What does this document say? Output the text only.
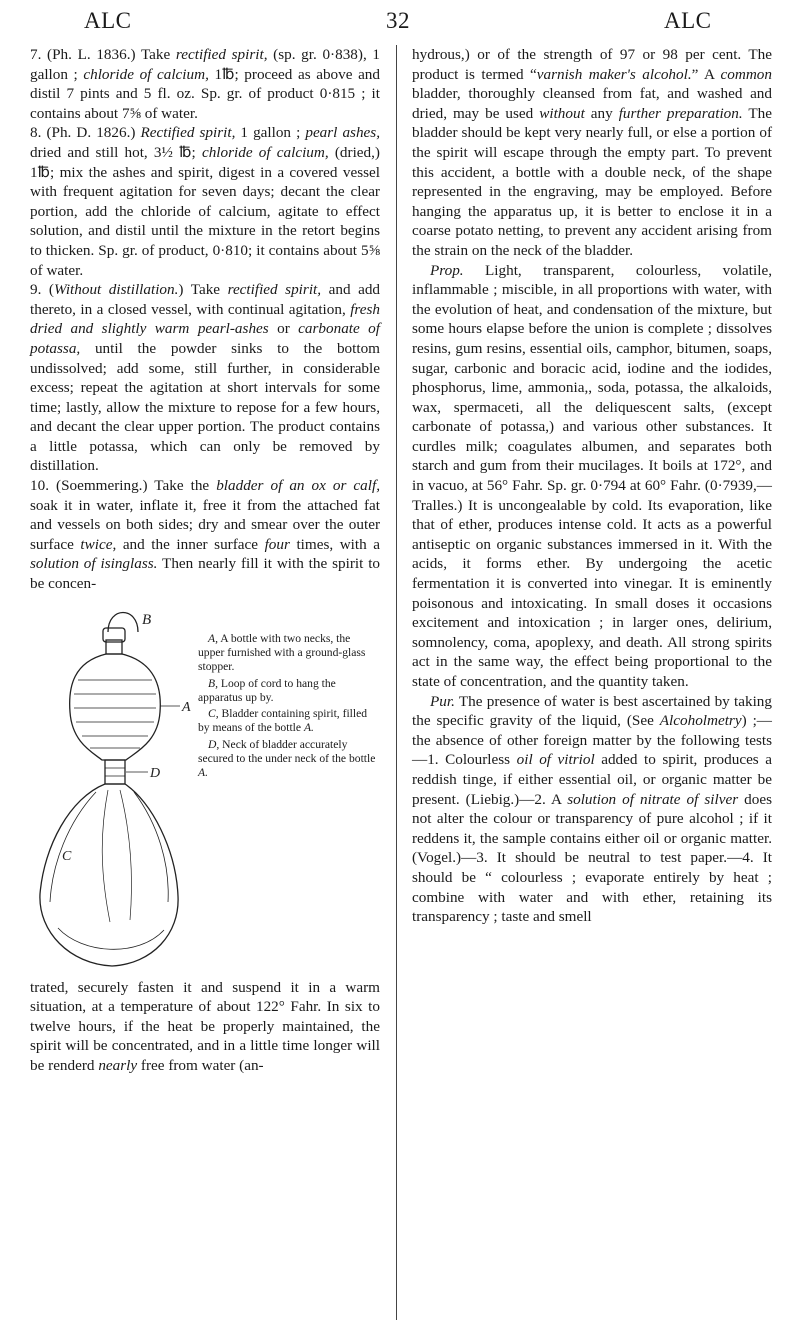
ALC	32	ALC

7. (Ph. L. 1836.) Take rectified spirit, (sp. gr. 0·838), 1 gallon ; chloride of calcium, 1℔; proceed as above and distil 7 pints and 5 fl. oz. Sp. gr. of product 0·815 ; it contains about 7⅝ of water.

8. (Ph. D. 1826.) Rectified spirit, 1 gallon ; pearl ashes, dried and still hot, 3½ ℔; chloride of calcium, (dried,) 1℔; mix the ashes and spirit, digest in a covered vessel with frequent agitation for seven days; decant the clear portion, add the chloride of calcium, agitate to effect solution, and distil until the mixture in the retort begins to thicken. Sp. gr. of product, 0·810; it contains about 5⅝ of water.

9. (Without distillation.) Take rectified spirit, and add thereto, in a closed vessel, with continual agitation, fresh dried and slightly warm pearl-ashes or carbonate of potassa, until the powder sinks to the bottom undissolved; add some, still further, in considerable excess; repeat the agitation at short intervals for some time; lastly, allow the mixture to repose for a few hours, and decant the clear upper portion. The product contains a little potassa, which can only be removed by distillation.

10. (Soemmering.) Take the bladder of an ox or calf, soak it in water, inflate it, free it from the attached fat and vessels on both sides; dry and smear over the outer surface twice, and the inner surface four times, with a solution of isinglass. Then nearly fill it with the spirit to be concen-

B
A
D
C

A, A bottle with two necks, the upper furnished with a ground-glass stopper.

B, Loop of cord to hang the apparatus up by.

C, Bladder containing spirit, filled by means of the bottle A.

D, Neck of bladder accurately secured to the under neck of the bottle A.

trated, securely fasten it and suspend it in a warm situation, at a temperature of about 122° Fahr. In six to twelve hours, if the heat be properly maintained, the spirit will be concentrated, and in a little time longer will be renderd nearly free from water (an-

hydrous,) or of the strength of 97 or 98 per cent. The product is termed “varnish maker's alcohol.” A common bladder, thoroughly cleansed from fat, and washed and dried, may be used without any further preparation. The bladder should be kept very nearly full, or else a portion of the spirit will escape through the empty part. To prevent this accident, a bottle with a double neck, of the shape represented in the engraving, may be employed. Before hanging the apparatus up, it is better to enclose it in a coarse potato netting, to prevent any accident arising from the strain on the neck of the bladder.

Prop. Light, transparent, colourless, volatile, inflammable ; miscible, in all proportions with water, with the evolution of heat, and condensation of the mixture, but some hours elapse before the union is complete ; dissolves resins, gum resins, essential oils, camphor, bitumen, soaps, sugar, carbonic and boracic acid, iodine and the iodides, phosphorus, lime, ammonia,, soda, potassa, the alkaloids, wax, spermaceti, all the deliquescent salts, (except carbonate of potassa,) and various other substances. It curdles milk; coagulates albumen, and separates both starch and gum from their mucilages. It boils at 172°, and in vacuo, at 56° Fahr. Sp. gr. 0·794 at 60° Fahr. (0·7939,—Tralles.) It is uncongealable by cold. Its evaporation, like that of ether, produces intense cold. It acts as a powerful antiseptic on organic substances immersed in it. With the acids, it forms ether. By undergoing the acetic fermentation it is converted into vinegar. It is eminently poisonous and intoxicating. In small doses it occasions excitement and intoxication ; in larger ones, delirium, somnolency, coma, apoplexy, and death. All strong spirits act in the same way, the effect being proportional to the state of concentration, and the quantity taken.

Pur. The presence of water is best ascertained by taking the specific gravity of the liquid, (See Alcoholmetry) ;—the absence of other foreign matter by the following tests—1. Colourless oil of vitriol added to spirit, produces a reddish tinge, if either essential oil, or organic matter be present. (Liebig.)—2. A solution of nitrate of silver does not alter the colour or transparency of pure alcohol ; if it reddens it, the sample contains either oil or organic matter. (Vogel.)—3. It should be neutral to test paper.—4. It should be “ colourless ; evaporate entirely by heat ; combine with water and with ether, retaining its transparency ; taste and smell
